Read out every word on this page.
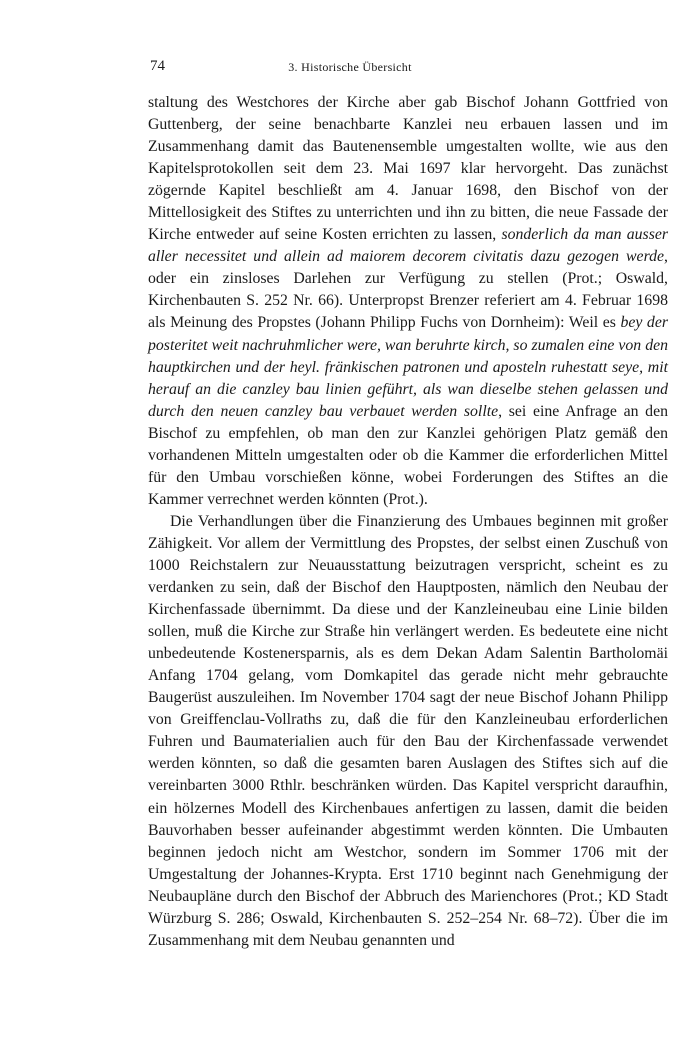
74	3. Historische Übersicht

staltung des Westchores der Kirche aber gab Bischof Johann Gottfried von Guttenberg, der seine benachbarte Kanzlei neu erbauen lassen und im Zusammenhang damit das Bautenensemble umgestalten wollte, wie aus den Kapitelsprotokollen seit dem 23. Mai 1697 klar hervorgeht. Das zunächst zögernde Kapitel beschließt am 4. Januar 1698, den Bischof von der Mittellosigkeit des Stiftes zu unterrichten und ihn zu bitten, die neue Fassade der Kirche entweder auf seine Kosten errichten zu lassen, sonderlich da man ausser aller necessitet und allein ad maiorem decorem civitatis dazu gezogen werde, oder ein zinsloses Darlehen zur Verfügung zu stellen (Prot.; Oswald, Kirchenbauten S. 252 Nr. 66). Unterpropst Brenzer referiert am 4. Februar 1698 als Meinung des Propstes (Johann Philipp Fuchs von Dornheim): Weil es bey der posteritet weit nachruhmlicher were, wan beruhrte kirch, so zumalen eine von den hauptkirchen und der heyl. fränkischen patronen und aposteln ruhestatt seye, mit herauf an die canzley bau linien geführt, als wan dieselbe stehen gelassen und durch den neuen canzley bau verbauet werden sollte, sei eine Anfrage an den Bischof zu empfehlen, ob man den zur Kanzlei gehörigen Platz gemäß den vorhandenen Mitteln umgestalten oder ob die Kammer die erforderlichen Mittel für den Umbau vorschießen könne, wobei Forderungen des Stiftes an die Kammer verrechnet werden könnten (Prot.).

Die Verhandlungen über die Finanzierung des Umbaues beginnen mit großer Zähigkeit. Vor allem der Vermittlung des Propstes, der selbst einen Zuschuß von 1000 Reichstalern zur Neuausstattung beizutragen verspricht, scheint es zu verdanken zu sein, daß der Bischof den Hauptposten, nämlich den Neubau der Kirchenfassade übernimmt. Da diese und der Kanzleineubau eine Linie bilden sollen, muß die Kirche zur Straße hin verlängert werden. Es bedeutete eine nicht unbedeutende Kostenersparnis, als es dem Dekan Adam Salentin Bartholomäi Anfang 1704 gelang, vom Domkapitel das gerade nicht mehr gebrauchte Baugerüst auszuleihen. Im November 1704 sagt der neue Bischof Johann Philipp von Greiffenclau-Vollraths zu, daß die für den Kanzleineubau erforderlichen Fuhren und Baumaterialien auch für den Bau der Kirchenfassade verwendet werden könnten, so daß die gesamten baren Auslagen des Stiftes sich auf die vereinbarten 3000 Rthlr. beschränken würden. Das Kapitel verspricht daraufhin, ein hölzernes Modell des Kirchenbaues anfertigen zu lassen, damit die beiden Bauvorhaben besser aufeinander abgestimmt werden könnten. Die Umbauten beginnen jedoch nicht am Westchor, sondern im Sommer 1706 mit der Umgestaltung der Johannes-Krypta. Erst 1710 beginnt nach Genehmigung der Neubaupläne durch den Bischof der Abbruch des Marienchores (Prot.; KD Stadt Würzburg S. 286; Oswald, Kirchenbauten S. 252–254 Nr. 68–72). Über die im Zusammenhang mit dem Neubau genannten und
